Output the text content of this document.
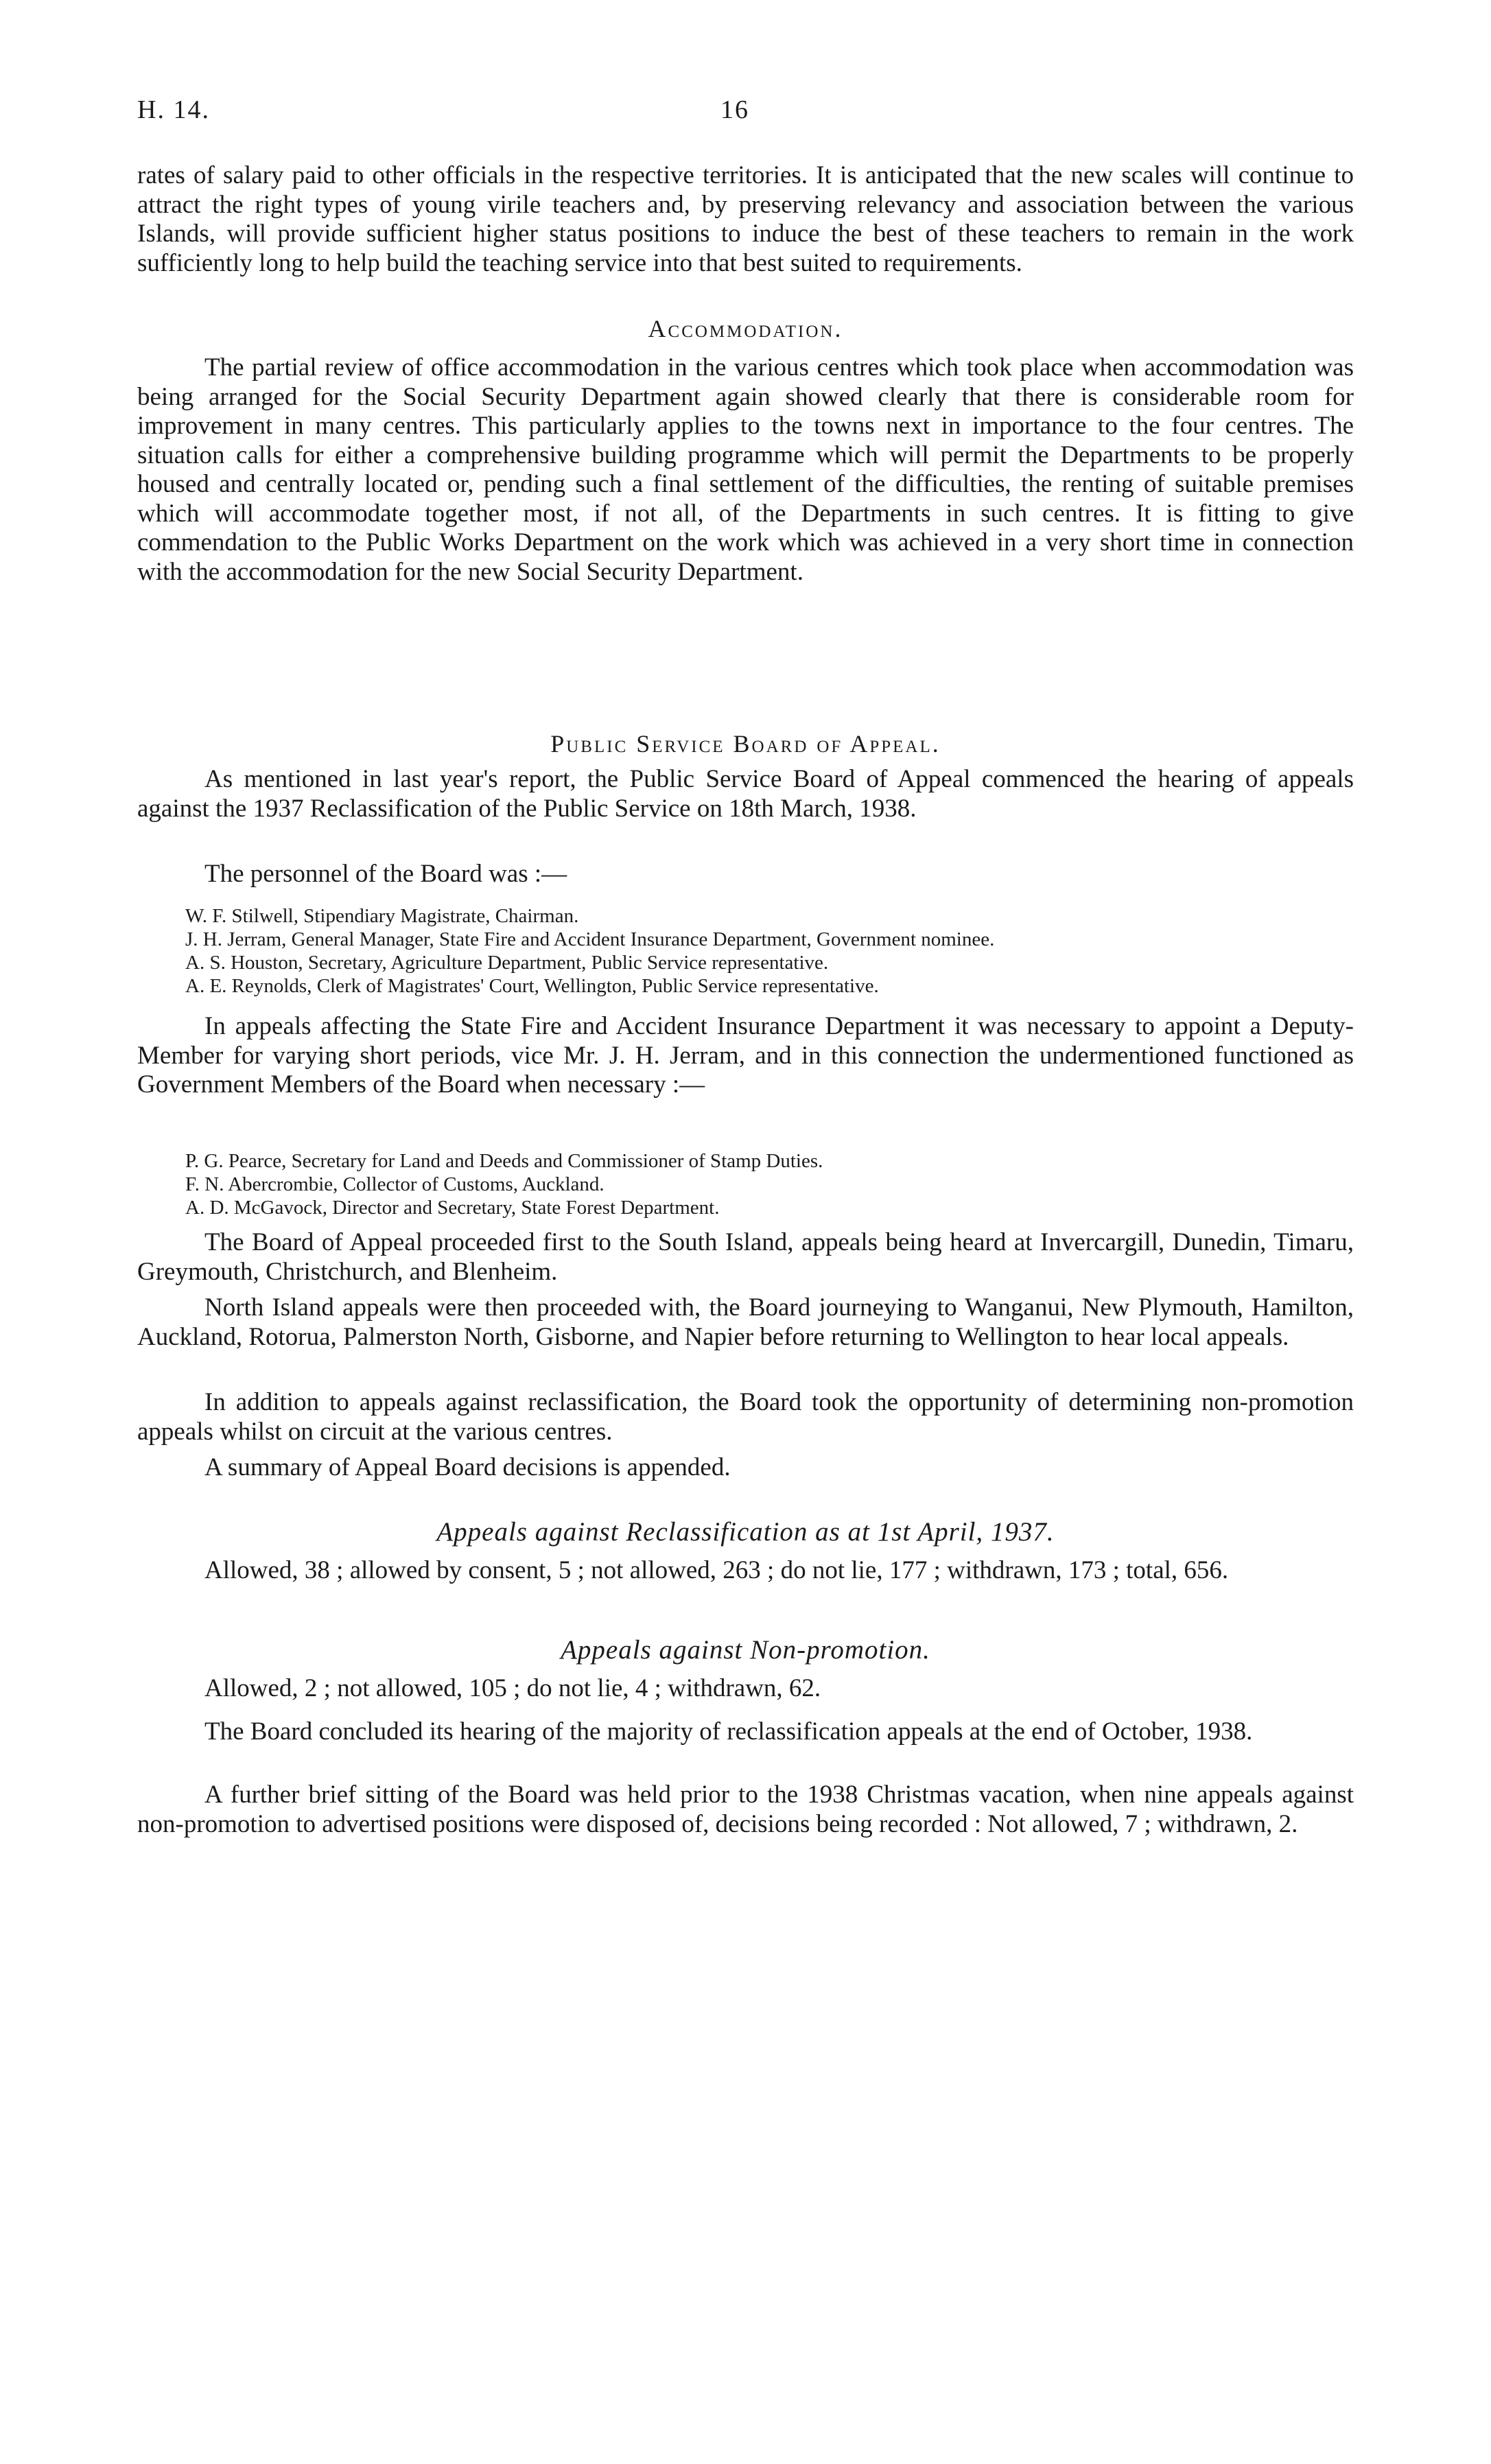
H. 14.	16

rates of salary paid to other officials in the respective territories. It is anticipated that the new scales will continue to attract the right types of young virile teachers and, by preserving relevancy and association between the various Islands, will provide sufficient higher status positions to induce the best of these teachers to remain in the work sufficiently long to help build the teaching service into that best suited to requirements.

Accommodation.

The partial review of office accommodation in the various centres which took place when accommodation was being arranged for the Social Security Department again showed clearly that there is considerable room for improvement in many centres. This particularly applies to the towns next in importance to the four centres. The situation calls for either a comprehensive building programme which will permit the Departments to be properly housed and centrally located or, pending such a final settlement of the difficulties, the renting of suitable premises which will accommodate together most, if not all, of the Departments in such centres. It is fitting to give commendation to the Public Works Department on the work which was achieved in a very short time in connection with the accommodation for the new Social Security Department.

Public Service Board of Appeal.

As mentioned in last year's report, the Public Service Board of Appeal commenced the hearing of appeals against the 1937 Reclassification of the Public Service on 18th March, 1938.

The personnel of the Board was :—

W. F. Stilwell, Stipendiary Magistrate, Chairman.
J. H. Jerram, General Manager, State Fire and Accident Insurance Department, Government nominee.
A. S. Houston, Secretary, Agriculture Department, Public Service representative.
A. E. Reynolds, Clerk of Magistrates' Court, Wellington, Public Service representative.

In appeals affecting the State Fire and Accident Insurance Department it was necessary to appoint a Deputy-Member for varying short periods, vice Mr. J. H. Jerram, and in this connection the undermentioned functioned as Government Members of the Board when necessary :—

P. G. Pearce, Secretary for Land and Deeds and Commissioner of Stamp Duties.
F. N. Abercrombie, Collector of Customs, Auckland.
A. D. McGavock, Director and Secretary, State Forest Department.

The Board of Appeal proceeded first to the South Island, appeals being heard at Invercargill, Dunedin, Timaru, Greymouth, Christchurch, and Blenheim.

North Island appeals were then proceeded with, the Board journeying to Wanganui, New Plymouth, Hamilton, Auckland, Rotorua, Palmerston North, Gisborne, and Napier before returning to Wellington to hear local appeals.

In addition to appeals against reclassification, the Board took the opportunity of determining non-promotion appeals whilst on circuit at the various centres.

A summary of Appeal Board decisions is appended.

Appeals against Reclassification as at 1st April, 1937.

Allowed, 38 ; allowed by consent, 5 ; not allowed, 263 ; do not lie, 177 ; withdrawn, 173 ; total, 656.

Appeals against Non-promotion.

Allowed, 2 ; not allowed, 105 ; do not lie, 4 ; withdrawn, 62.

The Board concluded its hearing of the majority of reclassification appeals at the end of October, 1938.

A further brief sitting of the Board was held prior to the 1938 Christmas vacation, when nine appeals against non-promotion to advertised positions were disposed of, decisions being recorded : Not allowed, 7 ; withdrawn, 2.
